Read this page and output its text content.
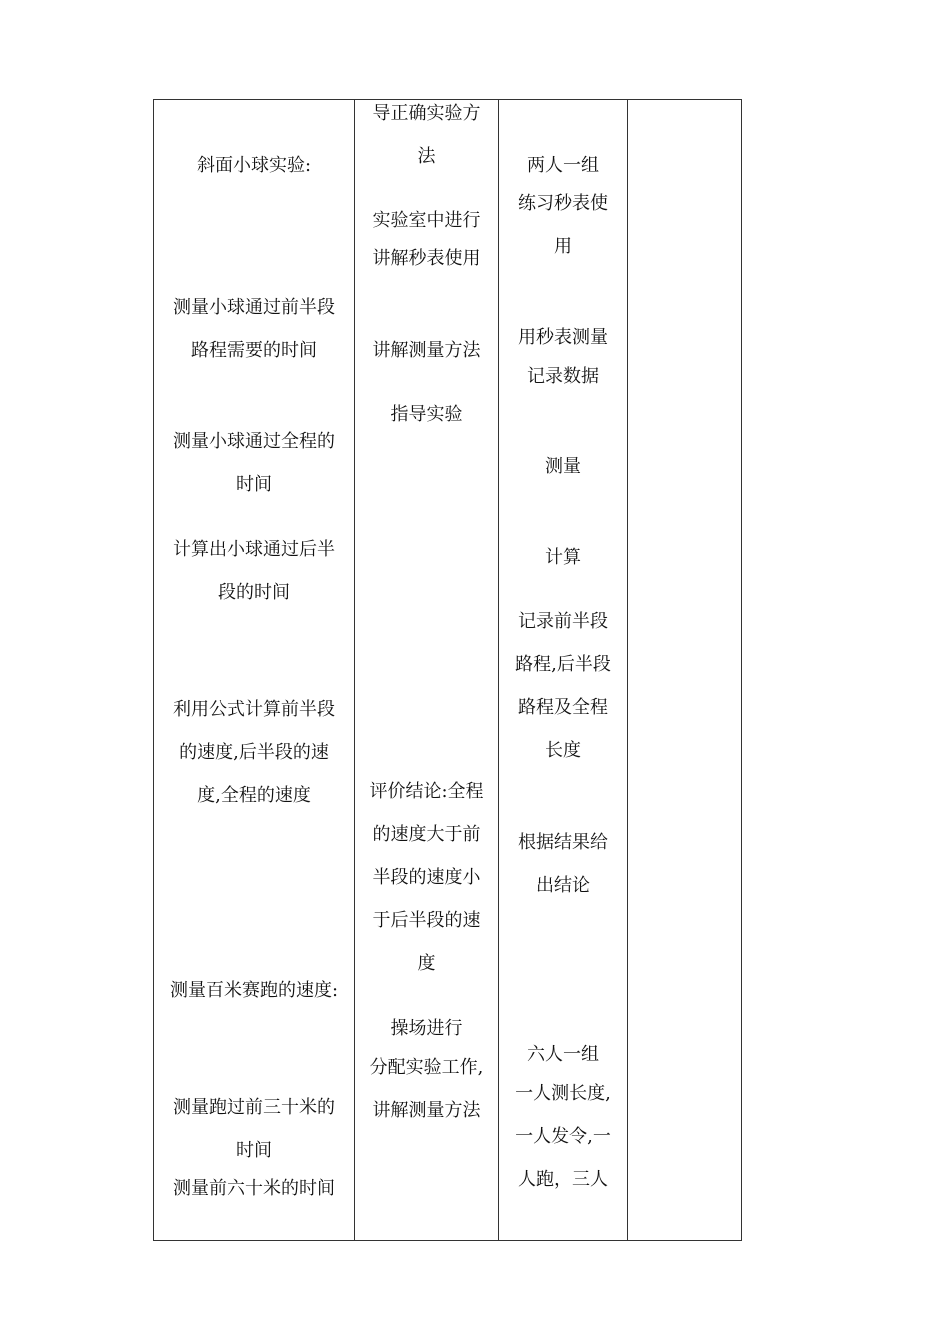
斜面小球实验:
测量小球通过前半段
路程需要的时间
测量小球通过全程的
时间
计算出小球通过后半
段的时间
利用公式计算前半段
的速度,后半段的速
度,全程的速度
测量百米赛跑的速度:
测量跑过前三十米的
时间
测量前六十米的时间
导正确实验方
法
实验室中进行
讲解秒表使用
讲解测量方法
指导实验
评价结论:全程
的速度大于前
半段的速度小
于后半段的速
度
操场进行
分配实验工作,
讲解测量方法
两人一组
练习秒表使
用
用秒表测量
记录数据
测量
计算
记录前半段
路程,后半段
路程及全程
长度
根据结果给
出结论
六人一组
一人测长度,
一人发令,一
人跑，三人
